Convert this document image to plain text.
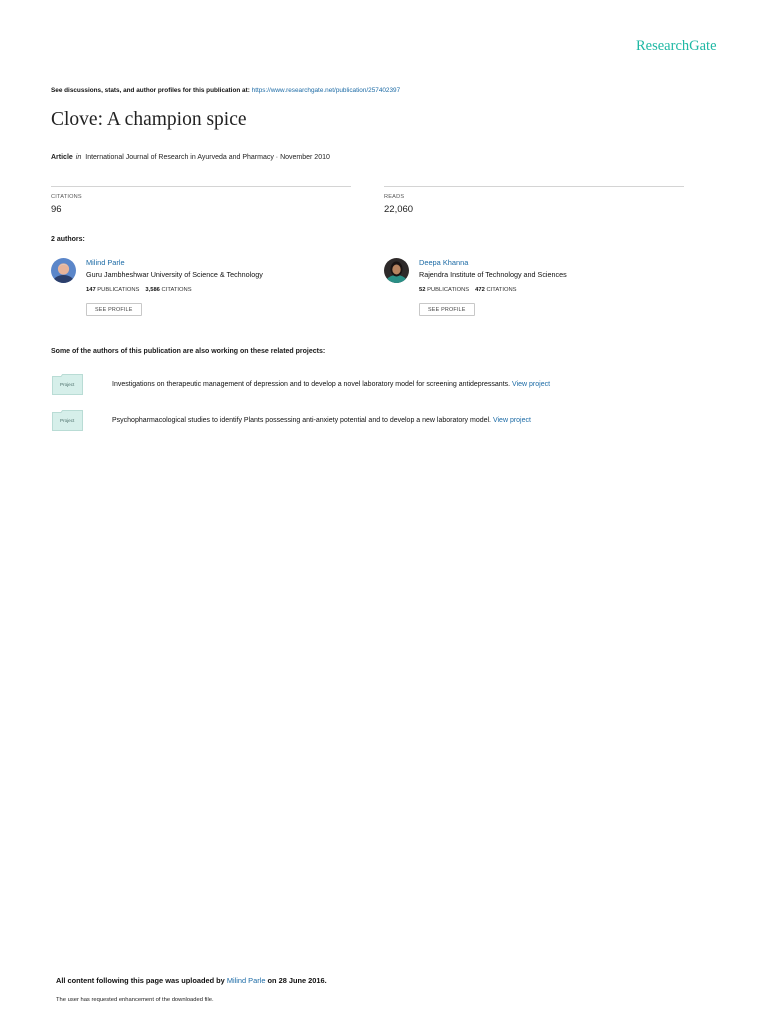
ResearchGate
See discussions, stats, and author profiles for this publication at: https://www.researchgate.net/publication/257402397
Clove: A champion spice
Article in International Journal of Research in Ayurveda and Pharmacy · November 2010
CITATIONS
96
READS
22,060
2 authors:
Milind Parle
Guru Jambheshwar University of Science & Technology
147 PUBLICATIONS 3,586 CITATIONS
SEE PROFILE
Deepa Khanna
Rajendra Institute of Technology and Sciences
52 PUBLICATIONS 472 CITATIONS
SEE PROFILE
Some of the authors of this publication are also working on these related projects:
Project	Investigations on therapeutic management of depression and to develop a novel laboratory model for screening antidepressants. View project
Project	Psychopharmacological studies to identify Plants possessing anti-anxiety potential and to develop a new laboratory model. View project
All content following this page was uploaded by Milind Parle on 28 June 2016.
The user has requested enhancement of the downloaded file.
